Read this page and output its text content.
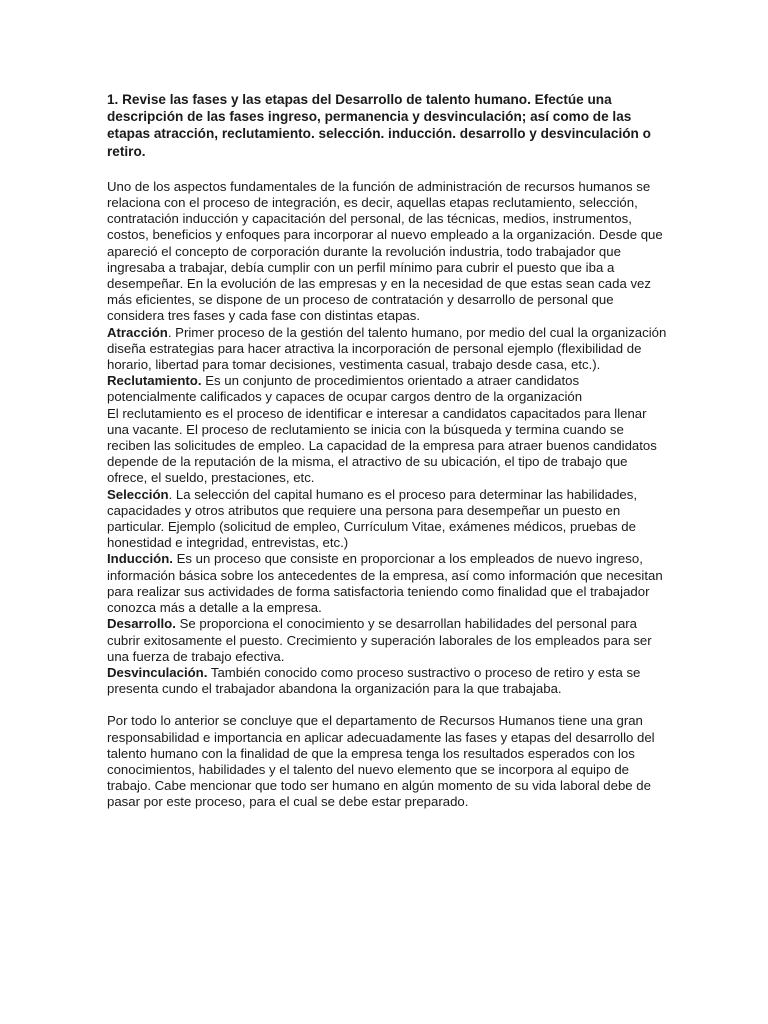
1. Revise las fases y las etapas del Desarrollo de talento humano. Efectúe una descripción de las fases ingreso, permanencia y desvinculación; así como de las etapas atracción, reclutamiento. selección. inducción. desarrollo y desvinculación o retiro.

Uno de los aspectos fundamentales de la función de administración de recursos humanos se relaciona con el proceso de integración, es decir, aquellas etapas reclutamiento, selección, contratación inducción y capacitación del personal, de las técnicas, medios, instrumentos, costos, beneficios y enfoques para incorporar al nuevo empleado a la organización. Desde que apareció el concepto de corporación durante la revolución industria, todo trabajador que ingresaba a trabajar, debía cumplir con un perfil mínimo para cubrir el puesto que iba a desempeñar. En la evolución de las empresas y en la necesidad de que estas sean cada vez más eficientes, se dispone de un proceso de contratación y desarrollo de personal que considera tres fases y cada fase con distintas etapas.

Atracción. Primer proceso de la gestión del talento humano, por medio del cual la organización diseña estrategias para hacer atractiva la incorporación de personal ejemplo (flexibilidad de horario, libertad para tomar decisiones, vestimenta casual, trabajo desde casa, etc.).

Reclutamiento. Es un conjunto de procedimientos orientado a atraer candidatos potencialmente calificados y capaces de ocupar cargos dentro de la organización

El reclutamiento es el proceso de identificar e interesar a candidatos capacitados para llenar una vacante. El proceso de reclutamiento se inicia con la búsqueda y termina cuando se reciben las solicitudes de empleo. La capacidad de la empresa para atraer buenos candidatos depende de la reputación de la misma, el atractivo de su ubicación, el tipo de trabajo que ofrece, el sueldo, prestaciones, etc.

Selección. La selección del capital humano es el proceso para determinar las habilidades, capacidades y otros atributos que requiere una persona para desempeñar un puesto en particular. Ejemplo (solicitud de empleo, Currículum Vitae, exámenes médicos, pruebas de honestidad e integridad, entrevistas, etc.)

Inducción. Es un proceso que consiste en proporcionar a los empleados de nuevo ingreso, información básica sobre los antecedentes de la empresa, así como información que necesitan para realizar sus actividades de forma satisfactoria teniendo como finalidad que el trabajador conozca más a detalle a la empresa.

Desarrollo. Se proporciona el conocimiento y se desarrollan habilidades del personal para cubrir exitosamente el puesto. Crecimiento y superación laborales de los empleados para ser una fuerza de trabajo efectiva.

Desvinculación. También conocido como proceso sustractivo o proceso de retiro y esta se presenta cundo el trabajador abandona la organización para la que trabajaba.

Por todo lo anterior se concluye que el departamento de Recursos Humanos tiene una gran responsabilidad e importancia en aplicar adecuadamente las fases y etapas del desarrollo del talento humano con la finalidad de que la empresa tenga los resultados esperados con los conocimientos, habilidades y el talento del nuevo elemento que se incorpora al equipo de trabajo. Cabe mencionar que todo ser humano en algún momento de su vida laboral debe de pasar por este proceso, para el cual se debe estar preparado.
